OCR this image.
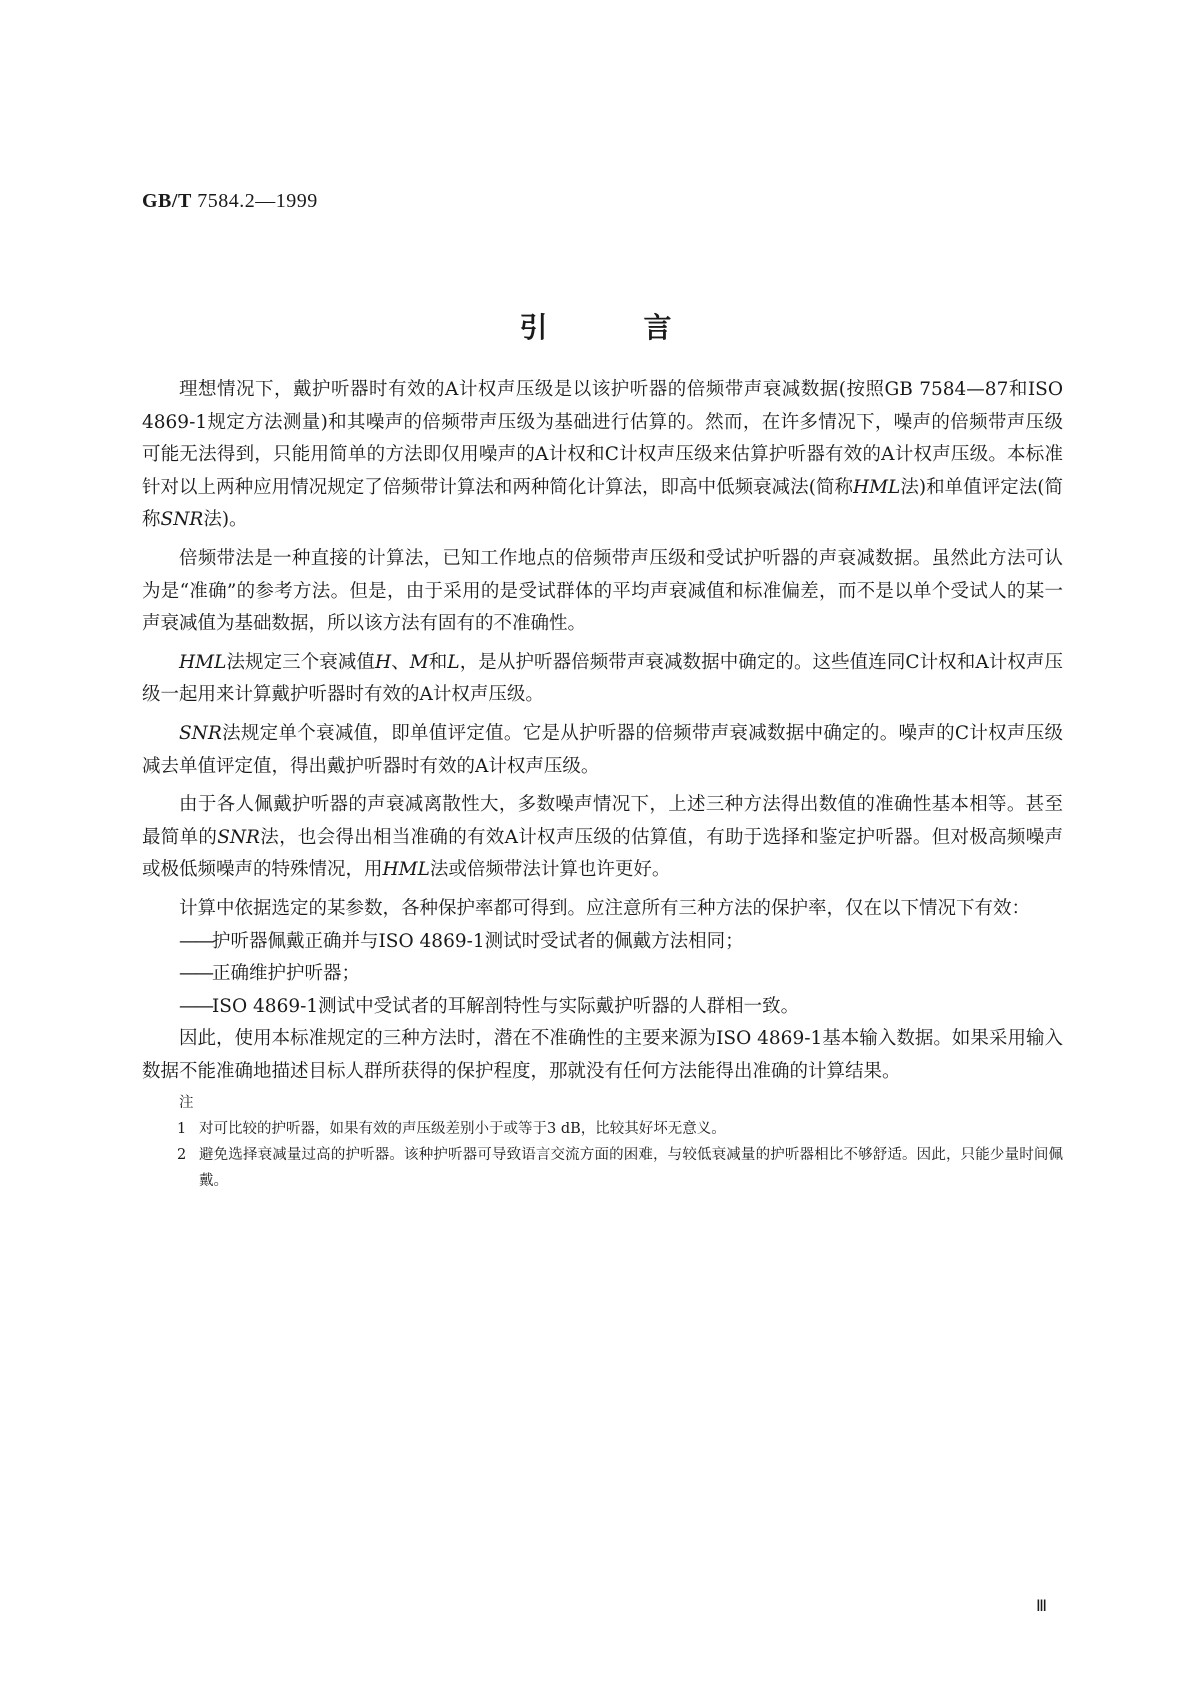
GB/T 7584.2—1999
引言

理想情况下，戴护听器时有效的A计权声压级是以该护听器的倍频带声衰减数据(按照GB 7584—87和ISO 4869-1规定方法测量)和其噪声的倍频带声压级为基础进行估算的。然而，在许多情况下，噪声的倍频带声压级可能无法得到，只能用简单的方法即仅用噪声的A计权和C计权声压级来估算护听器有效的A计权声压级。本标准针对以上两种应用情况规定了倍频带计算法和两种简化计算法，即高中低频衰减法(简称HML法)和单值评定法(简称SNR法)。

倍频带法是一种直接的计算法，已知工作地点的倍频带声压级和受试护听器的声衰减数据。虽然此方法可认为是“准确”的参考方法。但是，由于采用的是受试群体的平均声衰减值和标准偏差，而不是以单个受试人的某一声衰减值为基础数据，所以该方法有固有的不准确性。

HML法规定三个衰减值H、M和L，是从护听器倍频带声衰减数据中确定的。这些值连同C计权和A计权声压级一起用来计算戴护听器时有效的A计权声压级。

SNR法规定单个衰减值，即单值评定值。它是从护听器的倍频带声衰减数据中确定的。噪声的C计权声压级减去单值评定值，得出戴护听器时有效的A计权声压级。

由于各人佩戴护听器的声衰减离散性大，多数噪声情况下，上述三种方法得出数值的准确性基本相等。甚至最简单的SNR法，也会得出相当准确的有效A计权声压级的估算值，有助于选择和鉴定护听器。但对极高频噪声或极低频噪声的特殊情况，用HML法或倍频带法计算也许更好。

计算中依据选定的某参数，各种保护率都可得到。应注意所有三种方法的保护率，仅在以下情况下有效：

——护听器佩戴正确并与ISO 4869-1测试时受试者的佩戴方法相同；
——正确维护护听器；
——ISO 4869-1测试中受试者的耳解剖特性与实际戴护听器的人群相一致。

因此，使用本标准规定的三种方法时，潜在不准确性的主要来源为ISO 4869-1基本输入数据。如果采用输入数据不能准确地描述目标人群所获得的保护程度，那就没有任何方法能得出准确的计算结果。

注
1 对可比较的护听器，如果有效的声压级差别小于或等于3 dB，比较其好坏无意义。
2 避免选择衰减量过高的护听器。该种护听器可导致语言交流方面的困难，与较低衰减量的护听器相比不够舒适。因此，只能少量时间佩戴。
Ⅲ
